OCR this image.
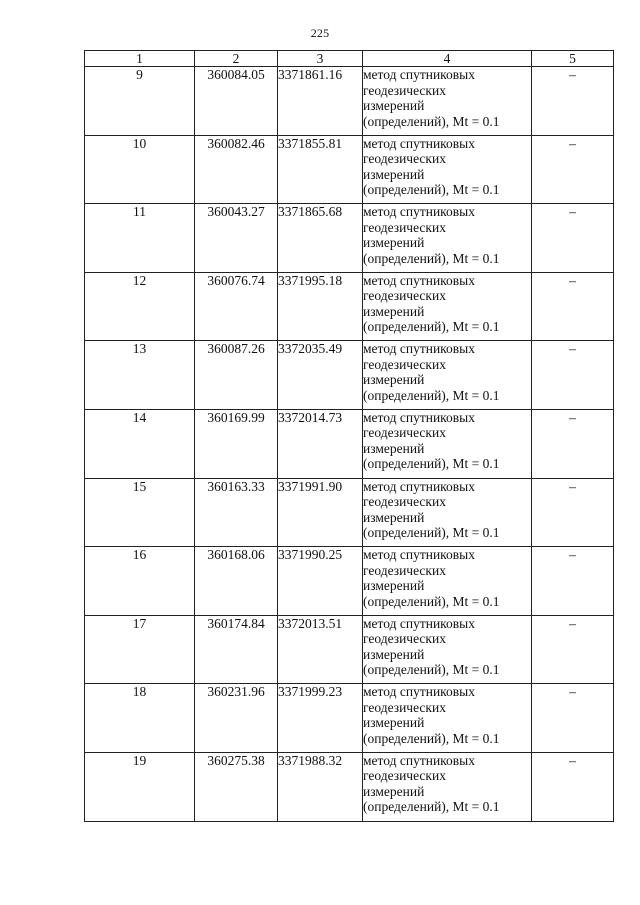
225
1	2	3	4	5
9	360084.05	3371861.16	метод спутниковых
геодезических
измерений
(определений), Mt = 0.1	–
10	360082.46	3371855.81	метод спутниковых
геодезических
измерений
(определений), Mt = 0.1	–
11	360043.27	3371865.68	метод спутниковых
геодезических
измерений
(определений), Mt = 0.1	–
12	360076.74	3371995.18	метод спутниковых
геодезических
измерений
(определений), Mt = 0.1	–
13	360087.26	3372035.49	метод спутниковых
геодезических
измерений
(определений), Mt = 0.1	–
14	360169.99	3372014.73	метод спутниковых
геодезических
измерений
(определений), Mt = 0.1	–
15	360163.33	3371991.90	метод спутниковых
геодезических
измерений
(определений), Mt = 0.1	–
16	360168.06	3371990.25	метод спутниковых
геодезических
измерений
(определений), Mt = 0.1	–
17	360174.84	3372013.51	метод спутниковых
геодезических
измерений
(определений), Mt = 0.1	–
18	360231.96	3371999.23	метод спутниковых
геодезических
измерений
(определений), Mt = 0.1	–
19	360275.38	3371988.32	метод спутниковых
геодезических
измерений
(определений), Mt = 0.1	–
